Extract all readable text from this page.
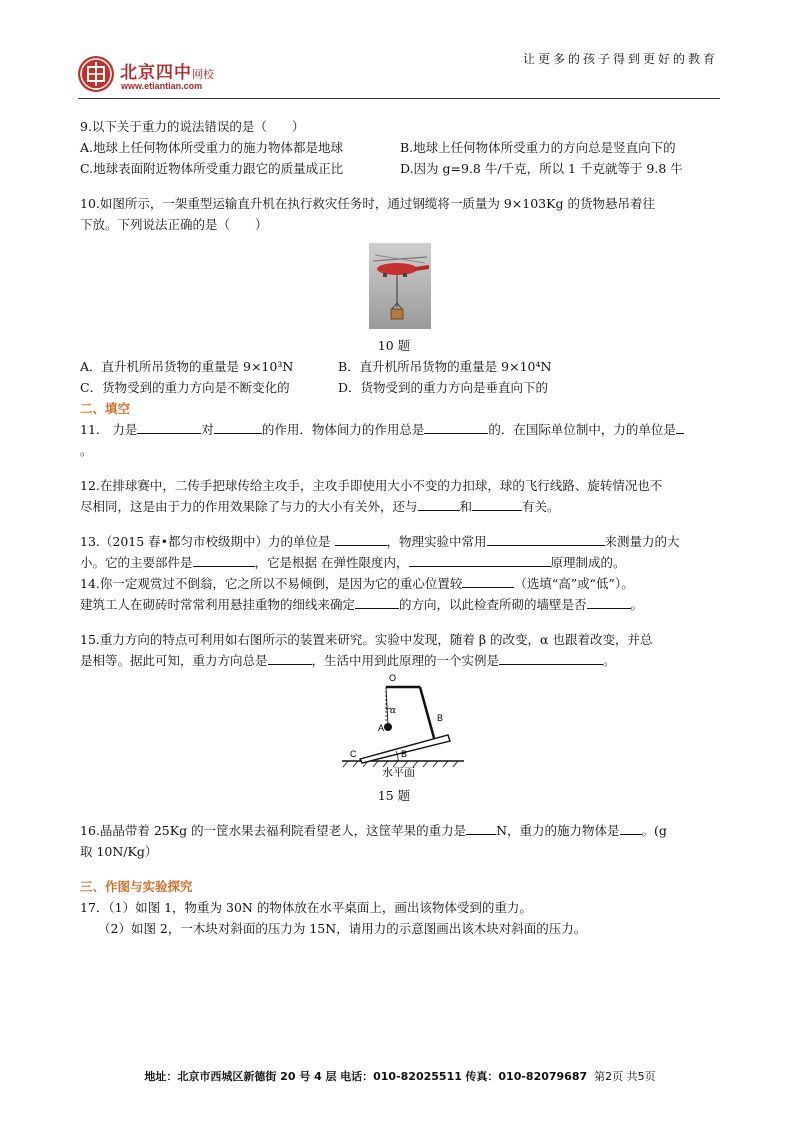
北京四中网校
www.etiantian.com
让更多的孩子得到更好的教育
9.以下关于重力的说法错误的是（　　）
A.地球上任何物体所受重力的施力物体都是地球	B.地球上任何物体所受重力的方向总是竖直向下的
C.地球表面附近物体所受重力跟它的质量成正比	D.因为 g=9.8 牛/千克，所以 1 千克就等于 9.8 牛
10.如图所示，一架重型运输直升机在执行救灾任务时，通过钢缆将一质量为 9×103Kg 的货物悬吊着往
下放。下列说法正确的是（　　）
10 题
A．直升机所吊货物的重量是 9×10³N	B．直升机所吊货物的重量是 9×10⁴N
C．货物受到的重力方向是不断变化的	D．货物受到的重力方向是垂直向下的
二、填空
11.　力是	对	的作用．物体间力的作用总是	的．在国际单位制中，力的单位是
。
12.在排球赛中，二传手把球传给主攻手，主攻手即使用大小不变的力扣球，球的飞行线路、旋转情况也不
尽相同，这是由于力的作用效果除了与力的大小有关外，还与	和	有关。
13.（2015 春•都匀市校级期中）力的单位是	，物理实验中常用	来测量力的大
小。它的主要部件是	，它是根据 在弹性限度内，	原理制成的。
14.你一定观赏过不倒翁，它之所以不易倾倒，是因为它的重心位置较	（选填“高”或“低”）。
建筑工人在砌砖时常常利用悬挂重物的细线来确定	的方向，以此检查所砌的墙壁是否	。
15.重力方向的特点可利用如右图所示的装置来研究。实验中发现，随着 β 的改变，α 也跟着改变，并总
是相等。据此可知，重力方向总是	，生活中用到此原理的一个实例是	。
O
A
B
C
α
B
水平面
15 题
16.晶晶带着 25Kg 的一筐水果去福利院看望老人，这筐苹果的重力是 N，重力的施力物体是 。(g
取 10N/Kg）
三、作图与实验探究
17．（1）如图 1，物重为 30N 的物体放在水平桌面上，画出该物体受到的重力。
（2）如图 2，一木块对斜面的压力为 15N，请用力的示意图画出该木块对斜面的压力。
地址：北京市西城区新德街 20 号 4 层 电话：010-82025511 传真：010-82079687 第2页 共5页
